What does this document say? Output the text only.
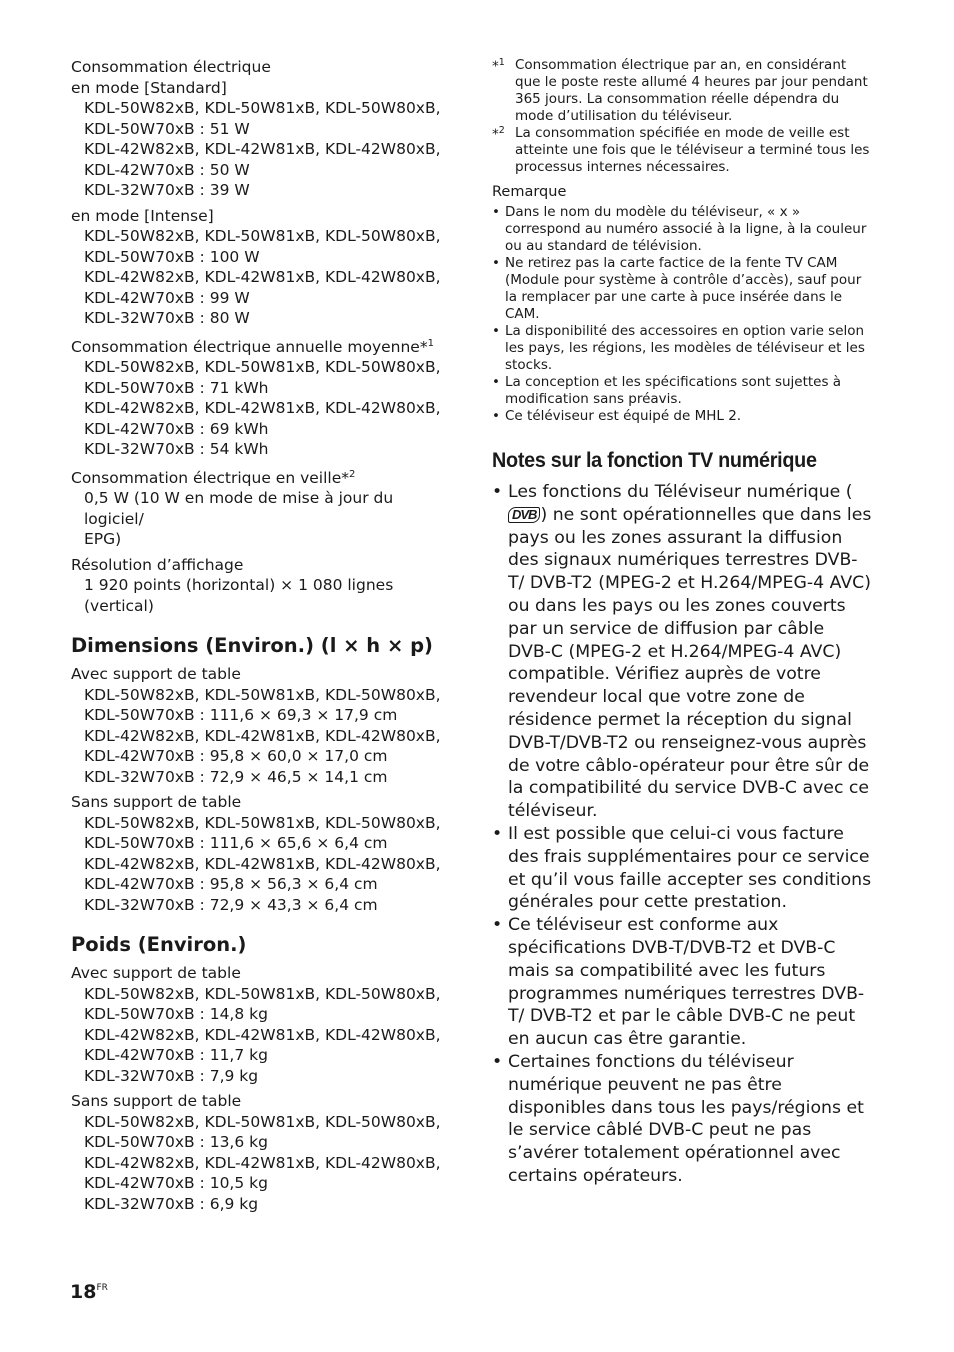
Consommation électrique

en mode [Standard]

KDL-50W82xB, KDL-50W81xB, KDL-50W80xB,

KDL-50W70xB : 51 W

KDL-42W82xB, KDL-42W81xB, KDL-42W80xB,

KDL-42W70xB : 50 W

KDL-32W70xB : 39 W

en mode [Intense]

KDL-50W82xB, KDL-50W81xB, KDL-50W80xB,

KDL-50W70xB : 100 W

KDL-42W82xB, KDL-42W81xB, KDL-42W80xB,

KDL-42W70xB : 99 W

KDL-32W70xB : 80 W

Consommation électrique annuelle moyenne*$^1$

KDL-50W82xB, KDL-50W81xB, KDL-50W80xB,

KDL-50W70xB : 71 kWh

KDL-42W82xB, KDL-42W81xB, KDL-42W80xB,

KDL-42W70xB : 69 kWh

KDL-32W70xB : 54 kWh

Consommation électrique en veille*$^2$

0,5 W (10 W en mode de mise à jour du logiciel/

EPG)

Résolution d’affichage

1 920 points (horizontal) × 1 080 lignes (vertical)

Dimensions (Environ.) (l × h × p)

Avec support de table

KDL-50W82xB, KDL-50W81xB, KDL-50W80xB,

KDL-50W70xB : 111,6 × 69,3 × 17,9 cm

KDL-42W82xB, KDL-42W81xB, KDL-42W80xB,

KDL-42W70xB : 95,8 × 60,0 × 17,0 cm

KDL-32W70xB : 72,9 × 46,5 × 14,1 cm

Sans support de table

KDL-50W82xB, KDL-50W81xB, KDL-50W80xB,

KDL-50W70xB : 111,6 × 65,6 × 6,4 cm

KDL-42W82xB, KDL-42W81xB, KDL-42W80xB,

KDL-42W70xB : 95,8 × 56,3 × 6,4 cm

KDL-32W70xB : 72,9 × 43,3 × 6,4 cm

Poids (Environ.)

Avec support de table

KDL-50W82xB, KDL-50W81xB, KDL-50W80xB,

KDL-50W70xB : 14,8 kg

KDL-42W82xB, KDL-42W81xB, KDL-42W80xB,

KDL-42W70xB : 11,7 kg

KDL-32W70xB : 7,9 kg

Sans support de table

KDL-50W82xB, KDL-50W81xB, KDL-50W80xB,

KDL-50W70xB : 13,6 kg

KDL-42W82xB, KDL-42W81xB, KDL-42W80xB,

KDL-42W70xB : 10,5 kg

KDL-32W70xB : 6,9 kg

*$^1$ Consommation électrique par an, en considérant que le poste reste allumé 4 heures par jour pendant 365 jours. La consommation réelle dépendra du mode d’utilisation du téléviseur.

*$^2$ La consommation spécifiée en mode de veille est atteinte une fois que le téléviseur a terminé tous les processus internes nécessaires.

Remarque

• Dans le nom du modèle du téléviseur, « x » correspond au numéro associé à la ligne, à la couleur ou au standard de télévision.
• Ne retirez pas la carte factice de la fente TV CAM (Module pour système à contrôle d’accès), sauf pour la remplacer par une carte à puce insérée dans le CAM.
• La disponibilité des accessoires en option varie selon les pays, les régions, les modèles de téléviseur et les stocks.
• La conception et les spécifications sont sujettes à modification sans préavis.
• Ce téléviseur est équipé de MHL 2.
Notes sur la fonction TV numérique
• Les fonctions du Téléviseur numérique (DVB ) ne sont opérationnelles que dans les pays ou les zones assurant la diffusion des signaux numériques terrestres DVB-T/ DVB-T2 (MPEG-2 et H.264/MPEG-4 AVC) ou dans les pays ou les zones couverts par un service de diffusion par câble DVB-C (MPEG-2 et H.264/MPEG-4 AVC) compatible. Vérifiez auprès de votre revendeur local que votre zone de résidence permet la réception du signal DVB-T/DVB-T2 ou renseignez-vous auprès de votre câblo-opérateur pour être sûr de la compatibilité du service DVB-C avec ce téléviseur.
• Il est possible que celui-ci vous facture des frais supplémentaires pour ce service et qu’il vous faille accepter ses conditions générales pour cette prestation.
• Ce téléviseur est conforme aux spécifications DVB-T/DVB-T2 et DVB-C mais sa compatibilité avec les futurs programmes numériques terrestres DVB-T/ DVB-T2 et par le câble DVB-C ne peut en aucun cas être garantie.
• Certaines fonctions du téléviseur numérique peuvent ne pas être disponibles dans tous les pays/régions et le service câblé DVB-C peut ne pas s’avérer totalement opérationnel avec certains opérateurs.
$18^{FR}$
